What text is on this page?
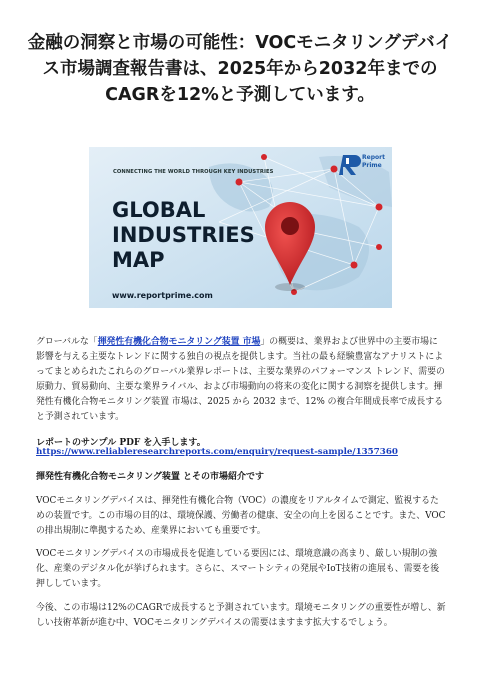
金融の洞察と市場の可能性：VOCモニタリングデバイス市場調査報告書は、2025年から2032年までのCAGRを12%と予測しています。
CONNECTING THE WORLD THROUGH KEY INDUSTRIES
GLOBAL
INDUSTRIES
MAP
www.reportprime.com
Report
Prime

グローバルな「揮発性有機化合物モニタリング装置 市場」の概要は、業界および世界中の主要市場に影響を与える主要なトレンドに関する独自の視点を提供します。当社の最も経験豊富なアナリストによってまとめられたこれらのグローバル業界レポートは、主要な業界のパフォーマンス トレンド、需要の原動力、貿易動向、主要な業界ライバル、および市場動向の将来の変化に関する洞察を提供します。揮発性有機化合物モニタリング装置 市場は、2025 から 2032 まで、12% の複合年間成長率で成長すると予測されています。

レポートのサンプル PDF を入手します。

https://www.reliableresearchreports.com/enquiry/request-sample/1357360
揮発性有機化合物モニタリング装置 とその市場紹介です

VOCモニタリングデバイスは、揮発性有機化合物（VOC）の濃度をリアルタイムで測定、監視するための装置です。この市場の目的は、環境保護、労働者の健康、安全の向上を図ることです。また、VOCの排出規制に準拠するため、産業界においても重要です。

VOCモニタリングデバイスの市場成長を促進している要因には、環境意識の高まり、厳しい規制の強化、産業のデジタル化が挙げられます。さらに、スマートシティの発展やIoT技術の進展も、需要を後押ししています。

今後、この市場は12%のCAGRで成長すると予測されています。環境モニタリングの重要性が増し、新しい技術革新が進む中、VOCモニタリングデバイスの需要はますます拡大するでしょう。
